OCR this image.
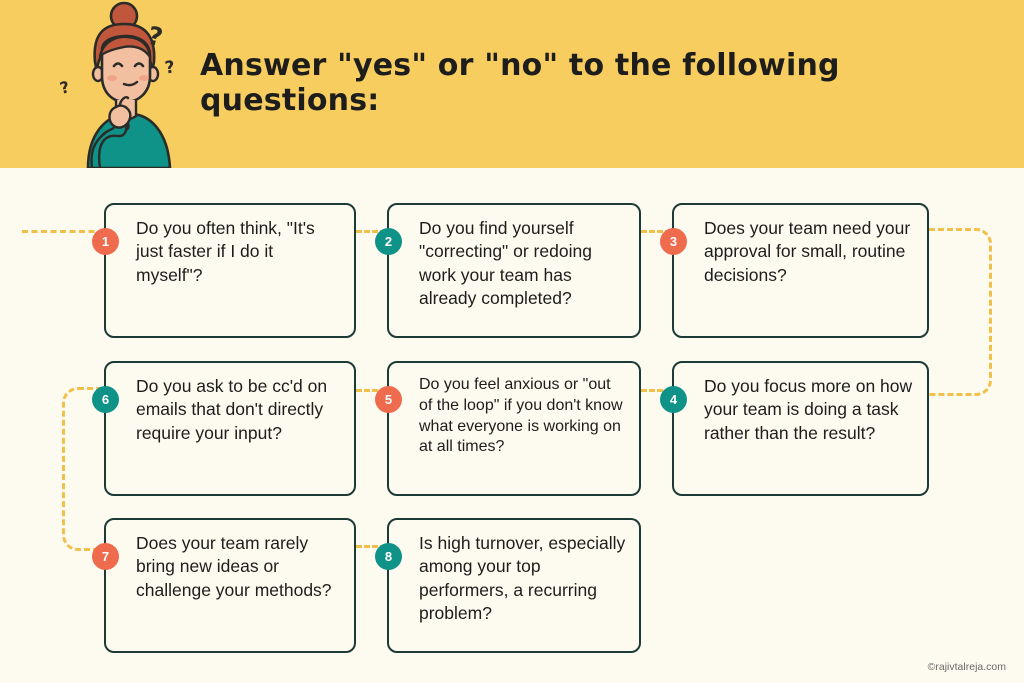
Answer "yes" or "no" to the following questions:
?
?
?
1
Do you often think, "It's just faster if I do it myself"?
2
Do you find yourself "correcting" or redoing work your team has already completed?
3
Does your team need your approval for small, routine decisions?
4
Do you focus more on how your team is doing a task rather than the result?
5
Do you feel anxious or "out of the loop" if you don't know what everyone is working on at all times?
6
Do you ask to be cc'd on emails that don't directly require your input?
7
Does your team rarely bring new ideas or challenge your methods?
8
Is high turnover, especially among your top performers, a recurring problem?
©rajivtalreja.com
